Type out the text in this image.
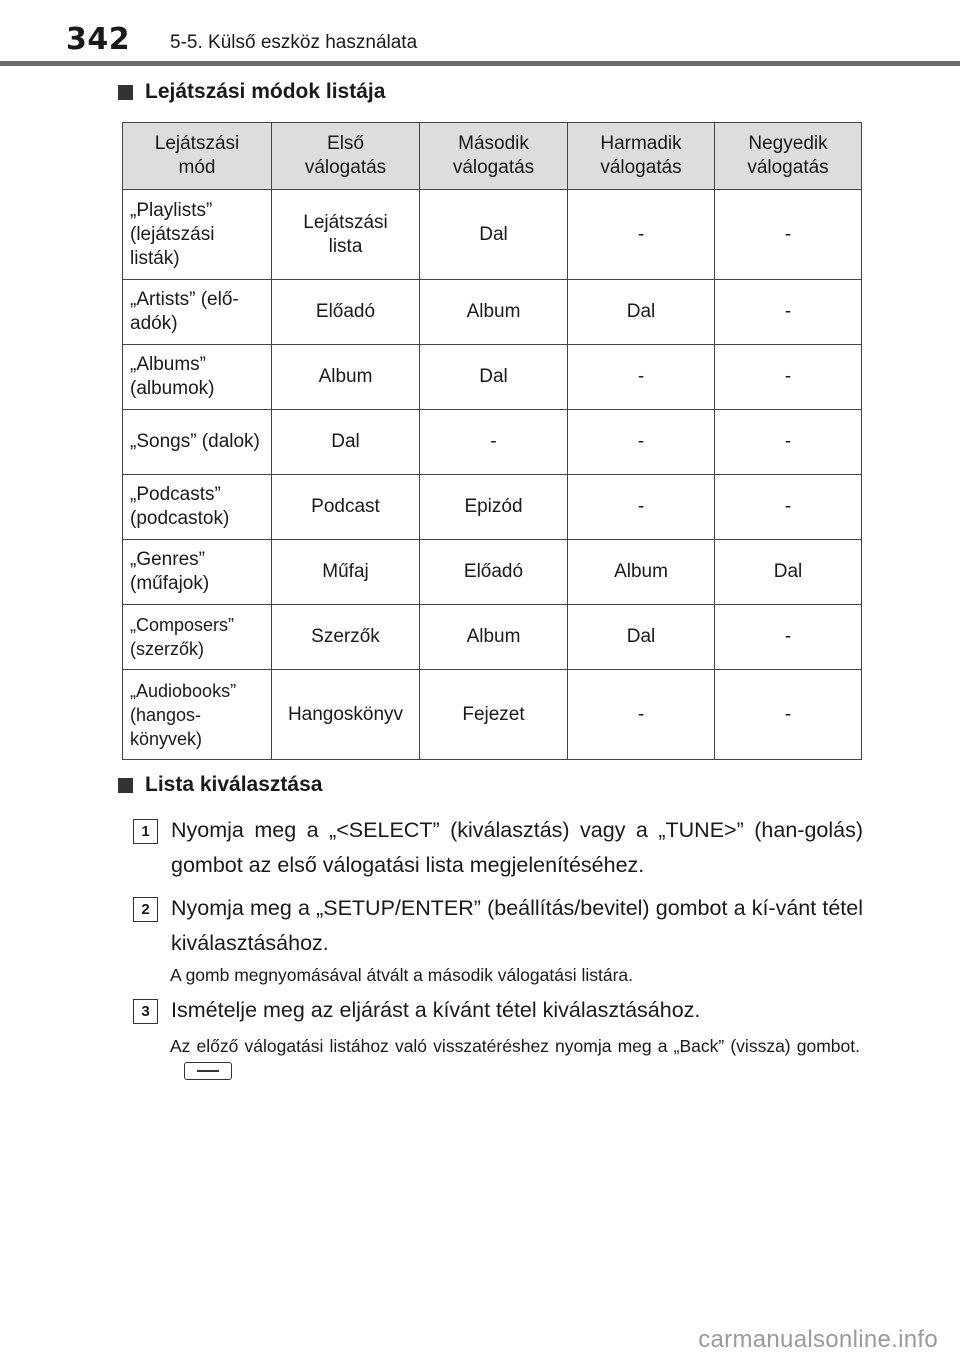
342 5-5. Külső eszköz használata
Lejátszási módok listája
Lejátszási mód	Első válogatás	Második válogatás	Harmadik válogatás	Negyedik válogatás

„Playlists” (lejátszási listák)	Lejátszási lista	Dal	-	-
„Artists” (elő-adók)	Előadó	Album	Dal	-
„Albums” (albumok)	Album	Dal	-	-
„Songs” (dalok)	Dal	-	-	-
„Podcasts” (podcastok)	Podcast	Epizód	-	-
„Genres” (műfajok)	Műfaj	Előadó	Album	Dal
„Composers” (szerzők)	Szerzők	Album	Dal	-
„Audiobooks” (hangos-könyvek)	Hangoskönyv	Fejezet	-	-
Lista kiválasztása
1 Nyomja meg a „<SELECT” (kiválasztás) vagy a „TUNE>” (han-golás) gombot az első válogatási lista megjelenítéséhez.
2 Nyomja meg a „SETUP/ENTER” (beállítás/bevitel) gombot a kí-vánt tétel kiválasztásához.
3 Ismételje meg az eljárást a kívánt tétel kiválasztásához.
A gomb megnyomásával átvált a második válogatási listára.
Az előző válogatási listához való visszatéréshez nyomja meg a „Back” (vissza) gombot.
carmanualsonline.info
